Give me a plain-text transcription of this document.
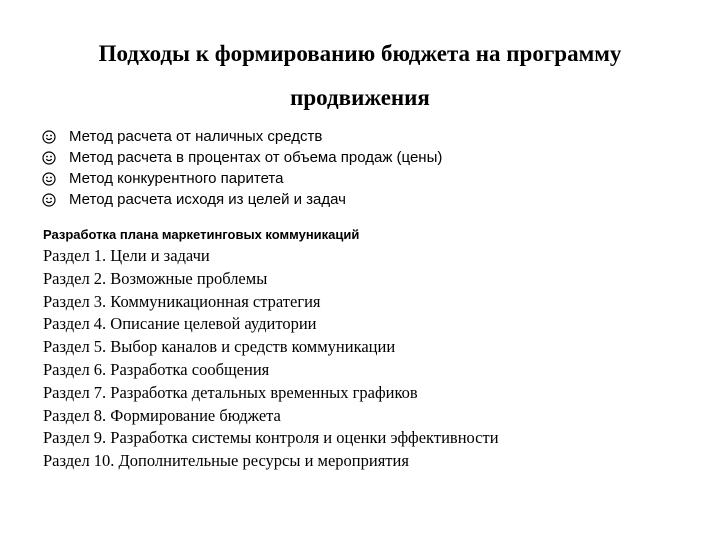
Подходы к формированию бюджета на программу продвижения
Метод расчета от наличных средств
Метод расчета в процентах от объема продаж (цены)
Метод конкурентного паритета
Метод расчета исходя из целей и задач
Разработка плана маркетинговых коммуникаций
Раздел 1. Цели и задачи
Раздел 2. Возможные проблемы
Раздел 3. Коммуникационная стратегия
Раздел 4. Описание целевой аудитории
Раздел 5. Выбор каналов и средств коммуникации
Раздел 6. Разработка сообщения
Раздел 7. Разработка детальных временных графиков
Раздел 8. Формирование бюджета
Раздел 9. Разработка системы контроля и оценки эффективности
Раздел 10. Дополнительные ресурсы и мероприятия
